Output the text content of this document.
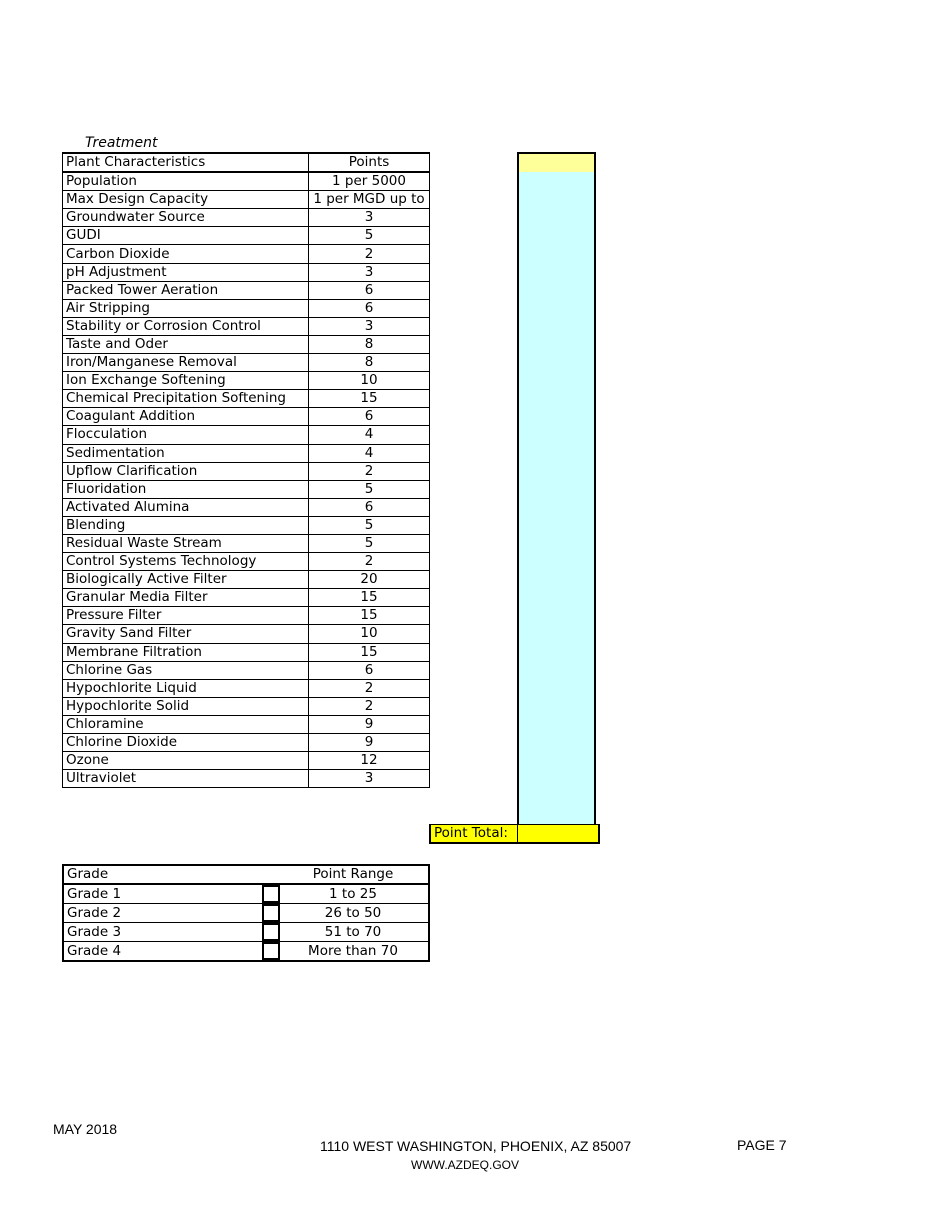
Treatment
Plant Characteristics	Points
Population	1 per 5000
Max Design Capacity	1 per MGD up to
Groundwater Source	3
GUDI	5
Carbon Dioxide	2
pH Adjustment	3
Packed Tower Aeration	6
Air Stripping	6
Stability or Corrosion Control	3
Taste and Oder	8
Iron/Manganese Removal	8
Ion Exchange Softening	10
Chemical Precipitation Softening	15
Coagulant Addition	6
Flocculation	4
Sedimentation	4
Upflow Clarification	2
Fluoridation	5
Activated Alumina	6
Blending	5
Residual Waste Stream	5
Control Systems Technology	2
Biologically Active Filter	20
Granular Media Filter	15
Pressure Filter	15
Gravity Sand Filter	10
Membrane Filtration	15
Chlorine Gas	6
Hypochlorite Liquid	2
Hypochlorite Solid	2
Chloramine	9
Chlorine Dioxide	9
Ozone	12
Ultraviolet	3
Point Total:
Grade		Point Range
Grade 1		1 to 25
Grade 2		26 to 50
Grade 3		51 to 70
Grade 4		More than 70
MAY 2018
1110 WEST WASHINGTON, PHOENIX, AZ 85007
WWW.AZDEQ.GOV
PAGE 7
